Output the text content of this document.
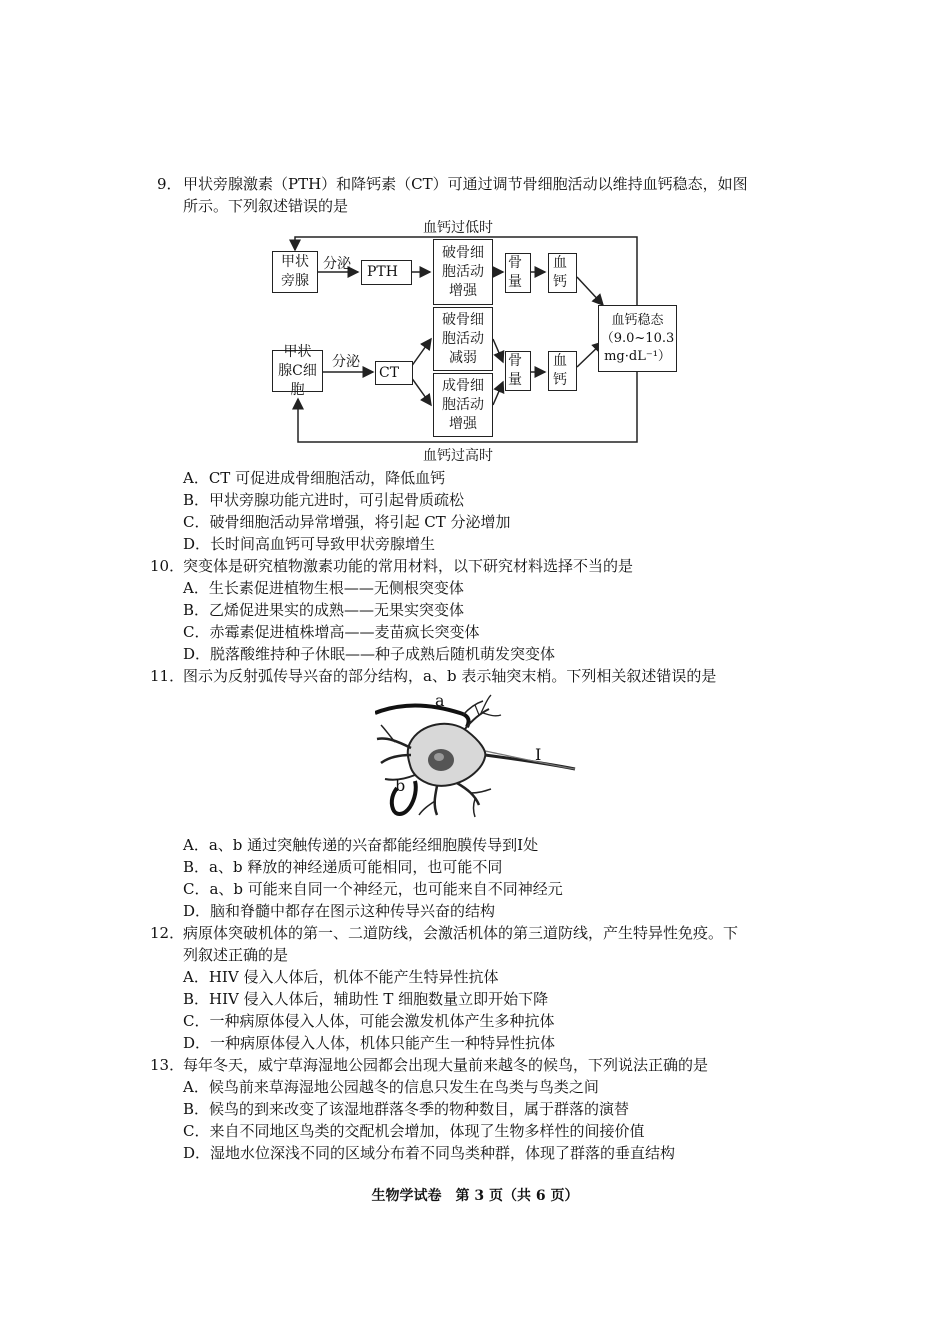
9． 甲状旁腺激素（PTH）和降钙素（CT）可通过调节骨细胞活动以维持血钙稳态，如图
所示。下列叙述错误的是
血钙过低时
血钙过高时
甲状旁腺
分泌 PTH
破骨细胞活动增强
骨量
血钙
血钙稳态
（9.0~10.3
mg·dL⁻¹）
甲状腺C细胞
分泌
CT
破骨细胞活动减弱
成骨细胞活动增强
骨量
血钙
A．CT 可促进成骨细胞活动，降低血钙
B．甲状旁腺功能亢进时，可引起骨质疏松
C．破骨细胞活动异常增强，将引起 CT 分泌增加
D．长时间高血钙可导致甲状旁腺增生
10．
突变体是研究植物激素功能的常用材料，以下研究材料选择不当的是
A．生长素促进植物生根——无侧根突变体
B．乙烯促进果实的成熟——无果实突变体
C．赤霉素促进植株增高——麦苗疯长突变体
D．脱落酸维持种子休眠——种子成熟后随机萌发突变体
11．
图示为反射弧传导兴奋的部分结构，a、b 表示轴突末梢。下列相关叙述错误的是
a
b
I
A．a、b 通过突触传递的兴奋都能经细胞膜传导到I处
B．a、b 释放的神经递质可能相同，也可能不同
C．a、b 可能来自同一个神经元，也可能来自不同神经元
D．脑和脊髓中都存在图示这种传导兴奋的结构
12．
病原体突破机体的第一、二道防线，会激活机体的第三道防线，产生特异性免疫。下
列叙述正确的是
A．HIV 侵入人体后，机体不能产生特异性抗体
B．HIV 侵入人体后，辅助性 T 细胞数量立即开始下降
C．一种病原体侵入人体，可能会激发机体产生多种抗体
D．一种病原体侵入人体，机体只能产生一种特异性抗体
13．
每年冬天，威宁草海湿地公园都会出现大量前来越冬的候鸟，下列说法正确的是
A．候鸟前来草海湿地公园越冬的信息只发生在鸟类与鸟类之间
B．候鸟的到来改变了该湿地群落冬季的物种数目，属于群落的演替
C．来自不同地区鸟类的交配机会增加，体现了生物多样性的间接价值
D．湿地水位深浅不同的区域分布着不同鸟类种群，体现了群落的垂直结构
生物学试卷　第 3 页（共 6 页）
